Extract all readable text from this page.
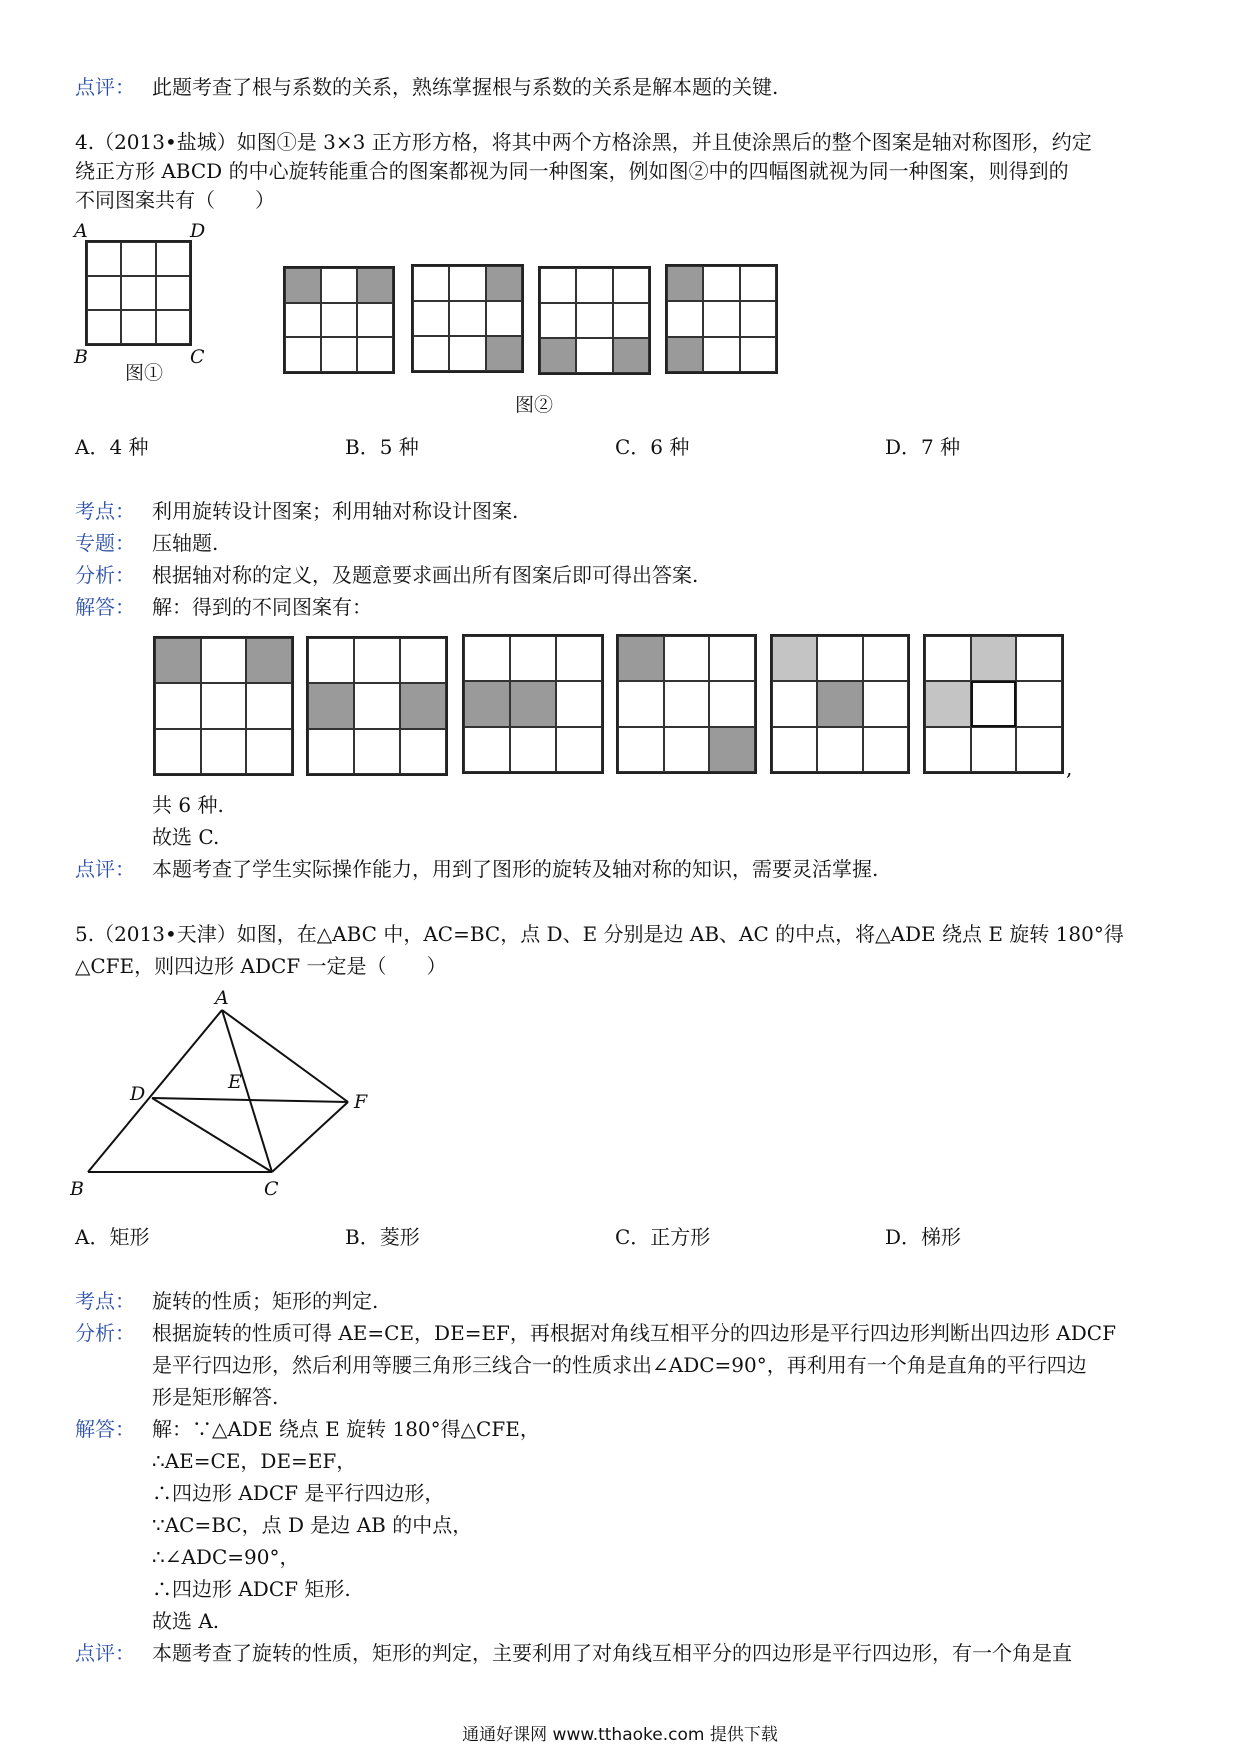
点评： 此题考查了根与系数的关系，熟练掌握根与系数的关系是解本题的关键.
4.（2013•盐城）如图①是 3×3 正方形方格，将其中两个方格涂黑，并且使涂黑后的整个图案是轴对称图形，约定
绕正方形 ABCD 的中心旋转能重合的图案都视为同一种图案，例如图②中的四幅图就视为同一种图案，则得到的
不同图案共有（　　）
A	D
B	C
图①
图②
A．4 种	B．5 种	C．6 种	D．7 种
考点： 利用旋转设计图案；利用轴对称设计图案.
专题： 压轴题.
分析： 根据轴对称的定义，及题意要求画出所有图案后即可得出答案.
解答： 解：得到的不同图案有：
,
共 6 种.
故选 C.
点评： 本题考查了学生实际操作能力，用到了图形的旋转及轴对称的知识，需要灵活掌握.
5.（2013•天津）如图，在△ABC 中，AC=BC，点 D、E 分别是边 AB、AC 的中点，将△ADE 绕点 E 旋转 180°得
△CFE，则四边形 ADCF 一定是（　　）
A
D
E
F
B	C
A．矩形	B．菱形	C．正方形	D．梯形
考点： 旋转的性质；矩形的判定.
分析： 根据旋转的性质可得 AE=CE，DE=EF，再根据对角线互相平分的四边形是平行四边形判断出四边形 ADCF
是平行四边形，然后利用等腰三角形三线合一的性质求出∠ADC=90°，再利用有一个角是直角的平行四边
形是矩形解答.
解答： 解：∵△ADE 绕点 E 旋转 180°得△CFE，
∴AE=CE，DE=EF，
∴四边形 ADCF 是平行四边形，
∵AC=BC，点 D 是边 AB 的中点，
∴∠ADC=90°，
∴四边形 ADCF 矩形.
故选 A.
点评： 本题考查了旋转的性质，矩形的判定，主要利用了对角线互相平分的四边形是平行四边形，有一个角是直
通通好课网 www.tthaoke.com 提供下载
